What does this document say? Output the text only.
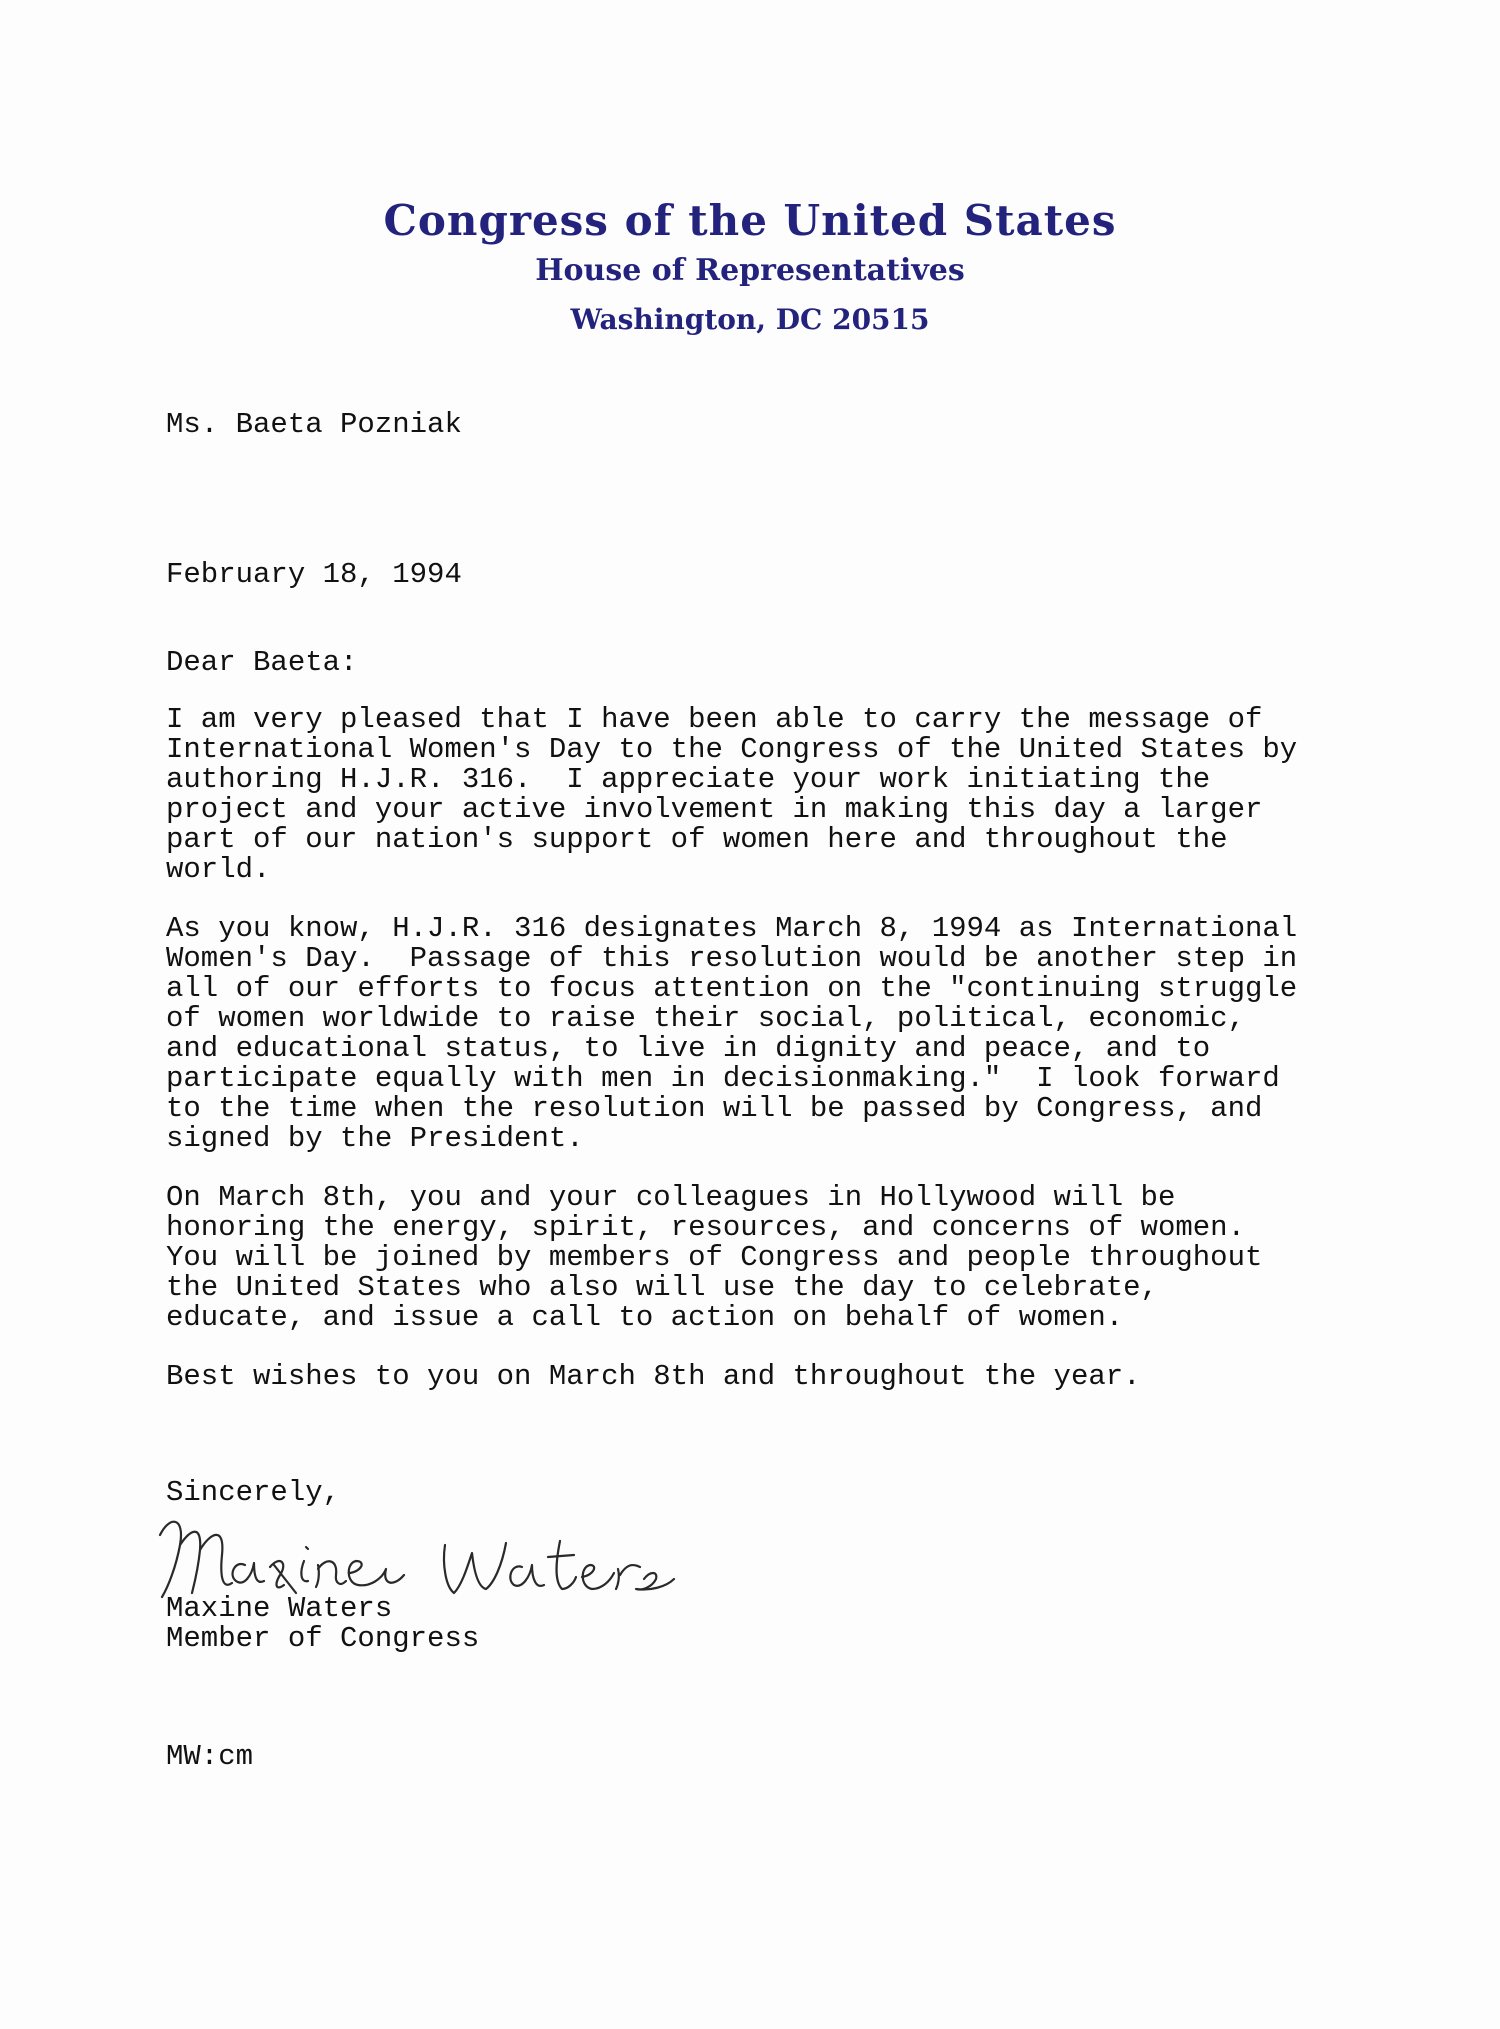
Congress of the United States
House of Representatives
Washington, DC 20515
Ms. Baeta Pozniak
February 18, 1994
Dear Baeta:
I am very pleased that I have been able to carry the message of
International Women's Day to the Congress of the United States by
authoring H.J.R. 316.  I appreciate your work initiating the
project and your active involvement in making this day a larger
part of our nation's support of women here and throughout the
world.
As you know, H.J.R. 316 designates March 8, 1994 as International
Women's Day.  Passage of this resolution would be another step in
all of our efforts to focus attention on the "continuing struggle
of women worldwide to raise their social, political, economic,
and educational status, to live in dignity and peace, and to
participate equally with men in decisionmaking."  I look forward
to the time when the resolution will be passed by Congress, and
signed by the President.
On March 8th, you and your colleagues in Hollywood will be
honoring the energy, spirit, resources, and concerns of women.
You will be joined by members of Congress and people throughout
the United States who also will use the day to celebrate,
educate, and issue a call to action on behalf of women.
Best wishes to you on March 8th and throughout the year.
Sincerely,
Maxine Waters
Member of Congress
MW:cm
